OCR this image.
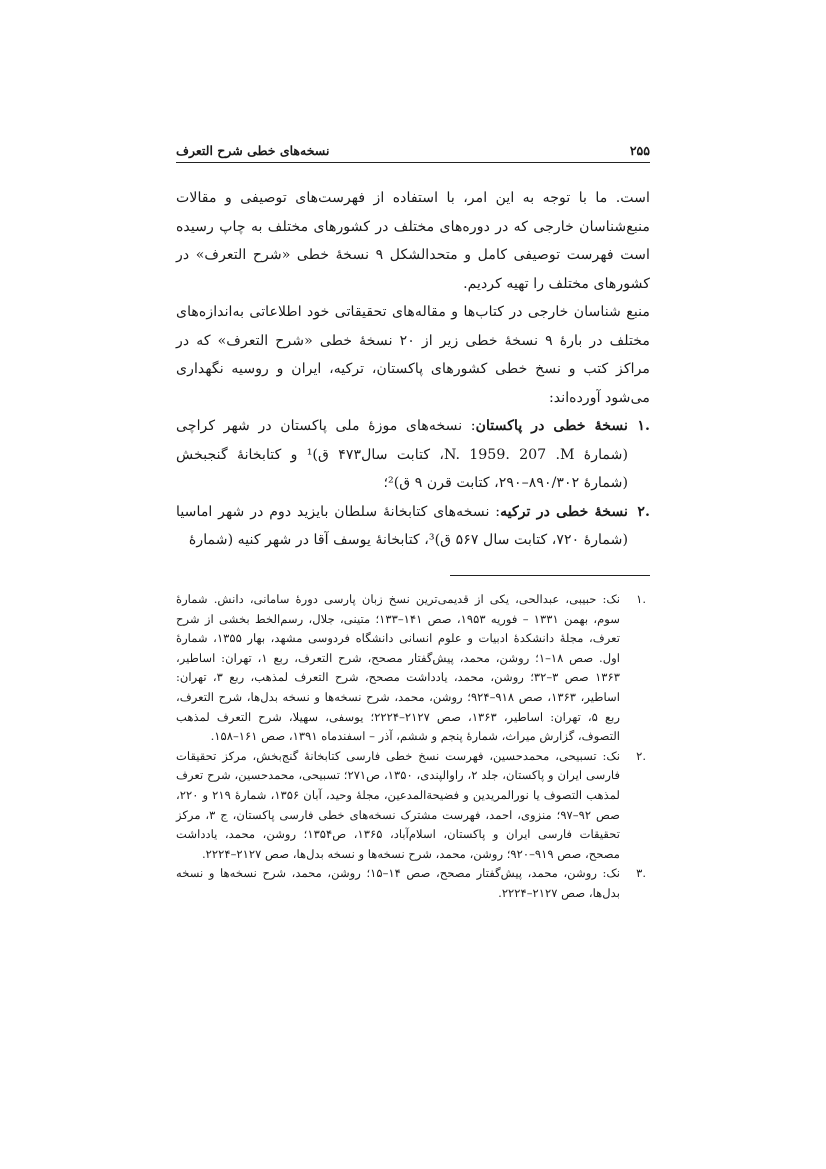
۲۵۵
نسخه‌های خطی شرح التعرف

است. ما با توجه به این امر، با استفاده از فهرست‌های توصیفی و مقالات منبع‌شناسان خارجی که در دوره‌های مختلف در کشورهای مختلف به چاپ رسیده است فهرست توصیفی کامل و متحدالشکل ۹ نسخهٔ خطی «شرح التعرف» در کشورهای مختلف را تهیه کردیم.

منبع شناسان خارجی در کتاب‌ها و مقاله‌های تحقیقاتی خود اطلاعاتی به‌اندازه‌های مختلف در بارهٔ ۹ نسخهٔ خطی زیر از ۲۰ نسخهٔ خطی «شرح التعرف» که در مراکز کتب و نسخ خطی کشورهای پاکستان، ترکیه، ایران و روسیه نگهداری می‌شود آورده‌اند:

.۱
نسخهٔ خطی در پاکستان: نسخه‌های موزهٔ ملی پاکستان در شهر کراچی (شمارهٔ N. 1959. 207 .M، کتابت سال‌۴۷۳ ق)¹ و کتابخانهٔ گنجبخش (شمارهٔ ۸۹۰/۳۰۲–۲۹۰، کتابت قرن ۹ ق)²؛
.۲
نسخهٔ خطی در ترکیه: نسخه‌های کتابخانهٔ سلطان بایزید دوم در شهر اماسیا (شمارهٔ ۷۲۰، کتابت سال ۵۶۷ ق)³، کتابخانهٔ یوسف آقا در شهر کنیه (شمارهٔ
.۱
نک: حبیبی، عبدالحی، یکی از قدیمی‌ترین نسخ زبان پارسی دورهٔ سامانی، دانش. شمارهٔ سوم، بهمن ۱۳۳۱ – فوریه ۱۹۵۳، صص ۱۴۱–۱۳۳؛ متینی، جلال، رسم‌الخط بخشی از شرح تعرف، مجلهٔ دانشکدهٔ ادبیات و علوم انسانی دانشگاه فردوسی مشهد، بهار ۱۳۵۵، شمارهٔ اول. صص ۱۸–۱؛ روشن، محمد، پیش‌گفتار مصحح، شرح التعرف، ربع ۱، تهران: اساطیر، ۱۳۶۳ صص ۳–۳۲؛ روشن، محمد، یادداشت مصحح، شرح التعرف لمذهب، ربع ۳، تهران: اساطیر، ۱۳۶۳، صص ۹۱۸–۹۲۴؛ روشن، محمد، شرح نسخه‌ها و نسخه بدل‌ها، شرح التعرف، ربع ۵، تهران: اساطیر، ۱۳۶۳، صص ۲۱۲۷–۲۲۲۴؛ یوسفی، سهیلا، شرح التعرف لمذهب التصوف، گزارش میراث، شمارهٔ پنجم و ششم، آذر – اسفندماه ۱۳۹۱، صص ۱۶۱–۱۵۸.
.۲
نک: تسبیحی، محمدحسین، فهرست نسخ خطی فارسی کتابخانهٔ گنج‌بخش، مرکز تحقیقات فارسی ایران و پاکستان، جلد ۲، راوالپندی، ۱۳۵۰، ص۲۷۱؛ تسبیحی، محمدحسین، شرح تعرف لمذهب التصوف یا نورالمریدین و فضیحةالمدعین، مجلهٔ وحید، آبان ۱۳۵۶، شمارهٔ ۲۱۹ و ۲۲۰، صص ۹۲–۹۷؛ منزوی، احمد، فهرست مشترک نسخه‌های خطی فارسی پاکستان، ج ۳، مرکز تحقیقات فارسی ایران و پاکستان، اسلام‌آباد، ۱۳۶۵، ص۱۳۵۴؛ روشن، محمد، یادداشت مصحح، صص ۹۱۹–۹۲۰؛ روشن، محمد، شرح نسخه‌ها و نسخه بدل‌ها، صص ۲۱۲۷–۲۲۲۴.
.۳
نک: روشن، محمد، پیش‌گفتار مصحح، صص ۱۴–۱۵؛ روشن، محمد، شرح نسخه‌ها و نسخه بدل‌ها، صص ۲۱۲۷–۲۲۲۴.
